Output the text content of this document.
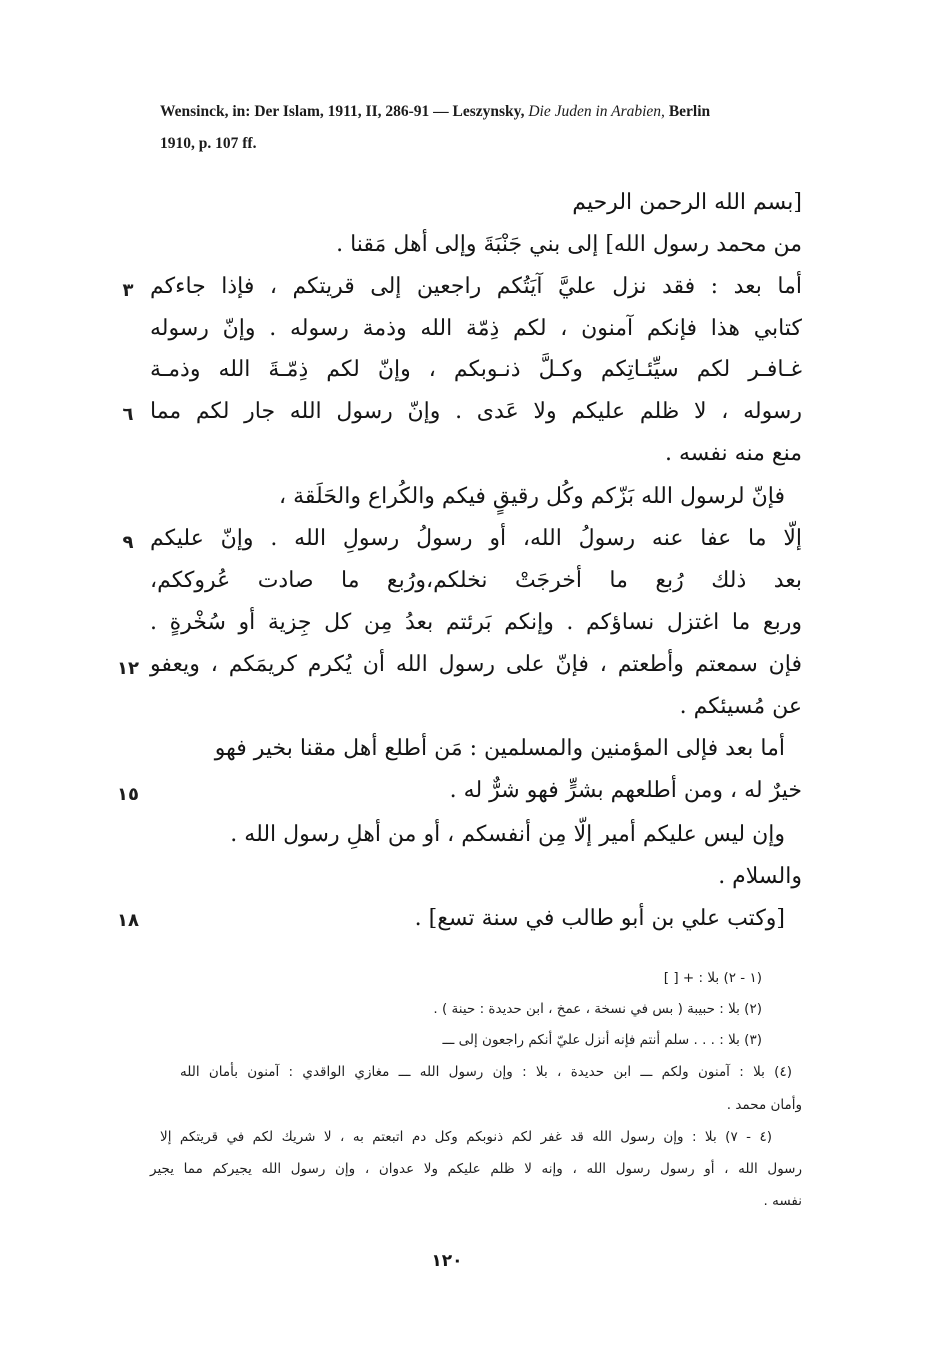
Wensinck, in: Der Islam, 1911, II, 286-91 — Leszynsky, Die Juden in Arabien, Berlin
1910, p. 107 ff.
[بسم الله الرحمن الرحيم
من محمد رسول الله] إلى بني جَنْبَةَ وإلى أهل مَقنا .
أما بعد : فقد نزل عليَّ آيَتُكم راجعين إلى قريتكم ، فإذا جاءكم
٣
كتابي هذا فإنكم آمنون ، لكم ذِمّة الله وذمة رسوله . وإنّ رسوله
غـافـر لكم سيِّئـاتِكم وكـلَّ ذنـوبكم ، وإنّ لكم ذِمّـةَ الله وذمـة
رسوله ، لا ظلم عليكم ولا عَدى . وإنّ رسول الله جار لكم مما
٦
منع منه نفسه .
فإنّ لرسول الله بَزّكم وكُل رقيقٍ فيكم والكُراع والحَلَقة ،
إلّا ما عفا عنه رسولُ الله، أو رسولُ رسولِ الله . وإنّ عليكم
٩
بعد ذلك رُبع ما أخرجَتْ نخلكم،ورُبع ما صادت عُروككم،
وربع ما اغتزل نساؤكم . وإنكم بَرئتم بعدُ مِن كل جِزية أو سُخْرةٍ .
فإن سمعتم وأطعتم ، فإنّ على رسول الله أن يُكرم كريمَكم ، ويعفو
١٢
عن مُسيئكم .
أما بعد فإلى المؤمنين والمسلمين : مَن أطلع أهل مقنا بخير فهو
خيرٌ له ، ومن أطلعهم بشرٍّ فهو شرٌّ له .
١٥
وإن ليس عليكم أمير إلّا مِن أنفسكم ، أو من أهلِ رسول الله .
والسلام .
[وكتب علي بن أبو طالب في سنة تسع] .
١٨
(١ - ٢) بلا : + [ ]
(٢) بلا : حبيبة ( بس في نسخة ، عمخ ، ابن حديدة : حينة ) .
(٣) بلا : . . . سلم أنتم فإنه أنزل عليّ أنكم راجعون إلى ـــ
(٤) بلا : آمنون ولكم ـــ ابن حديدة ، بلا : وإن رسول الله ـــ مغازي الواقدي : آمنون بأمان الله
وأمان محمد .
(٤ - ٧) بلا : وإن رسول الله قد غفر لكم ذنوبكم وكل دم اتبعتم به ، لا شريك لكم في قريتكم إلا
رسول الله ، أو رسول رسول الله ، وإنه لا ظلم عليكم ولا عدوان ، وإن رسول الله يجيركم مما يجير
نفسه .
١٢٠
